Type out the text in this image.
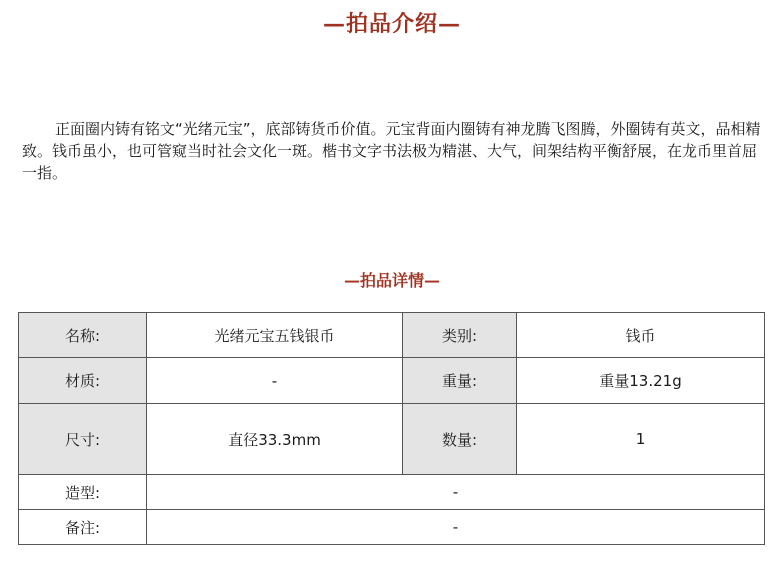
—拍品介绍—

正面圈内铸有铭文“光绪元宝”，底部铸货币价值。元宝背面内圈铸有神龙腾飞图腾，外圈铸有英文，品相精致。钱币虽小，也可管窥当时社会文化一斑。楷书文字书法极为精湛、大气，间架结构平衡舒展，在龙币里首屈一指。

—拍品详情—
名称:	光绪元宝五钱银币	类别:	钱币
材质:	-	重量:	重量13.21g
尺寸:	直径33.3mm	数量:	1
造型:	-		
备注:	-		
